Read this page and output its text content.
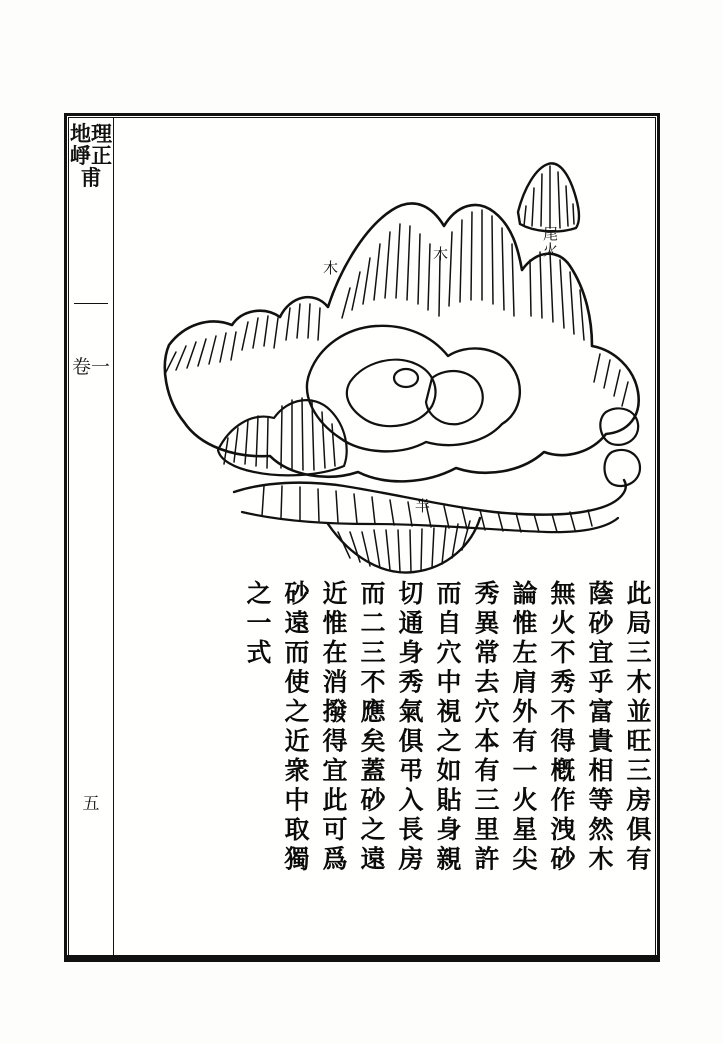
地理崢正甫
卷一
五
木
木	尾火
半
此局三木並旺三房俱有
蔭砂宜乎富貴相等然木
無火不秀不得槪作洩砂
論惟左肩外有一火星尖
秀異常去穴本有三里許
而自穴中視之如貼身親
切通身秀氣俱弔入長房
而二三不應矣蓋砂之遠
近惟在消撥得宜此可爲
砂遠而使之近衆中取獨
之一式
